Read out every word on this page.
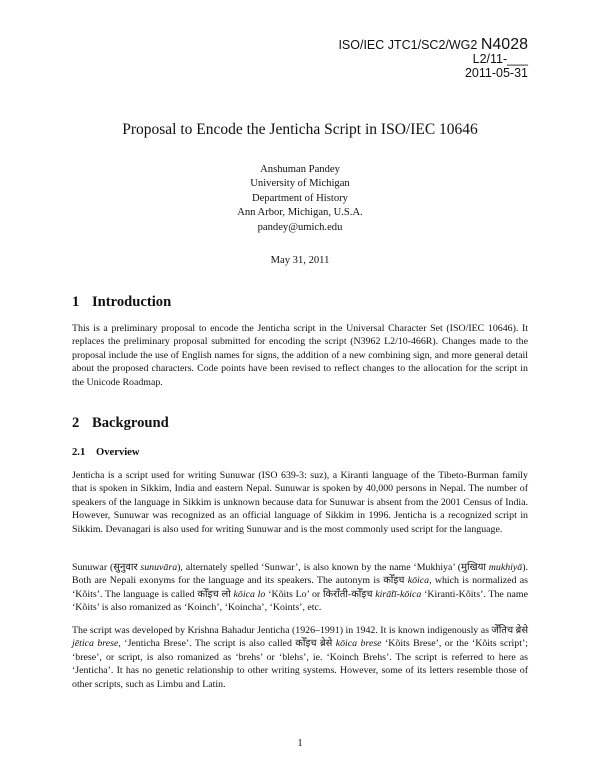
ISO/IEC JTC1/SC2/WG2 N4028
L2/11-___
2011-05-31
Proposal to Encode the Jenticha Script in ISO/IEC 10646
Anshuman Pandey
University of Michigan
Department of History
Ann Arbor, Michigan, U.S.A.
pandey@umich.edu
May 31, 2011
1 Introduction
This is a preliminary proposal to encode the Jenticha script in the Universal Character Set (ISO/IEC 10646). It replaces the preliminary proposal submitted for encoding the script (N3962 L2/10-466R). Changes made to the proposal include the use of English names for signs, the addition of a new combining sign, and more general detail about the proposed characters. Code points have been revised to reflect changes to the allocation for the script in the Unicode Roadmap.
2 Background
2.1 Overview
Jenticha is a script used for writing Sunuwar (ISO 639-3: suz), a Kiranti language of the Tibeto-Burman family that is spoken in Sikkim, India and eastern Nepal. Sunuwar is spoken by 40,000 persons in Nepal. The number of speakers of the language in Sikkim is unknown because data for Sunuwar is absent from the 2001 Census of India. However, Sunuwar was recognized as an official language of Sikkim in 1996. Jenticha is a recognized script in Sikkim. Devanagari is also used for writing Sunuwar and is the most commonly used script for the language.
Sunuwar (सुनुवार sunuvāra), alternately spelled ‘Sunwar’, is also known by the name ‘Mukhiya’ (मुखिया mukhiyā). Both are Nepali exonyms for the language and its speakers. The autonym is कोँइच kōica, which is normalized as ‘Kõits’. The language is called कोँइच लो kōica lo ‘Kõits Lo’ or किराँती-कोँइच kirā̃tī-kōica ‘Kiranti-Kõits’. The name ‘Kõits’ is also romanized as ‘Koinch’, ‘Koincha’, ‘Koints’, etc.
The script was developed by Krishna Bahadur Jenticha (1926–1991) in 1942. It is known indigenously as जेँतिच ब्रेसे jētica brese, ‘Jenticha Brese’. The script is also called कोँइच ब्रेसे kōica brese ‘Kõits Brese’, or the ‘Kõits script’; ‘brese’, or script, is also romanized as ‘brehs’ or ‘blehs’, ie. ‘Koinch Brehs’. The script is referred to here as ‘Jenticha’. It has no genetic relationship to other writing systems. However, some of its letters resemble those of other scripts, such as Limbu and Latin.
1
